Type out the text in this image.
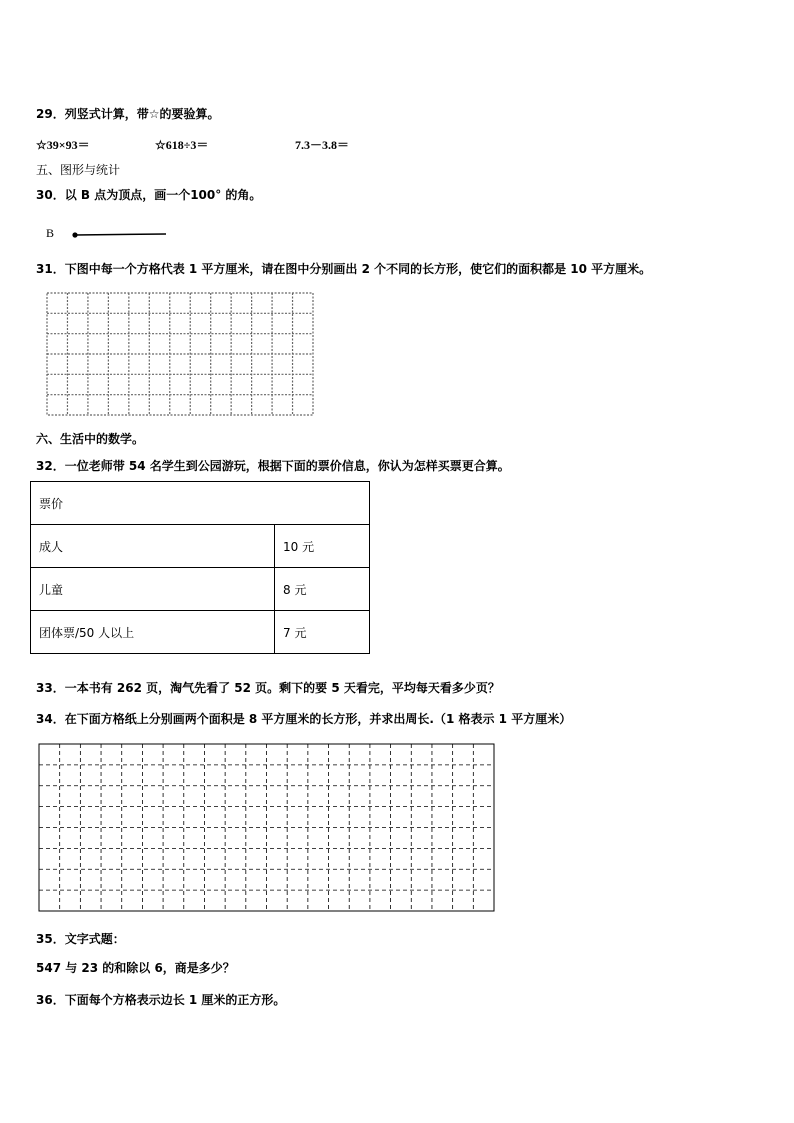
29．列竖式计算，带☆的要验算。
☆39×93＝	☆618÷3＝	7.3－3.8＝
五、图形与统计
30．以 B 点为顶点，画一个100° 的角。
B
31．下图中每一个方格代表 1 平方厘米，请在图中分别画出 2 个不同的长方形，使它们的面积都是 10 平方厘米。
六、生活中的数学。
32．一位老师带 54 名学生到公园游玩，根据下面的票价信息，你认为怎样买票更合算。
票价	
成人	10 元
儿童	8 元
团体票/50 人以上	7 元
33．一本书有 262 页，淘气先看了 52 页。剩下的要 5 天看完，平均每天看多少页？
34．在下面方格纸上分别画两个面积是 8 平方厘米的长方形，并求出周长.（1 格表示 1 平方厘米）
35．文字式题：
547 与 23 的和除以 6，商是多少？
36．下面每个方格表示边长 1 厘米的正方形。
